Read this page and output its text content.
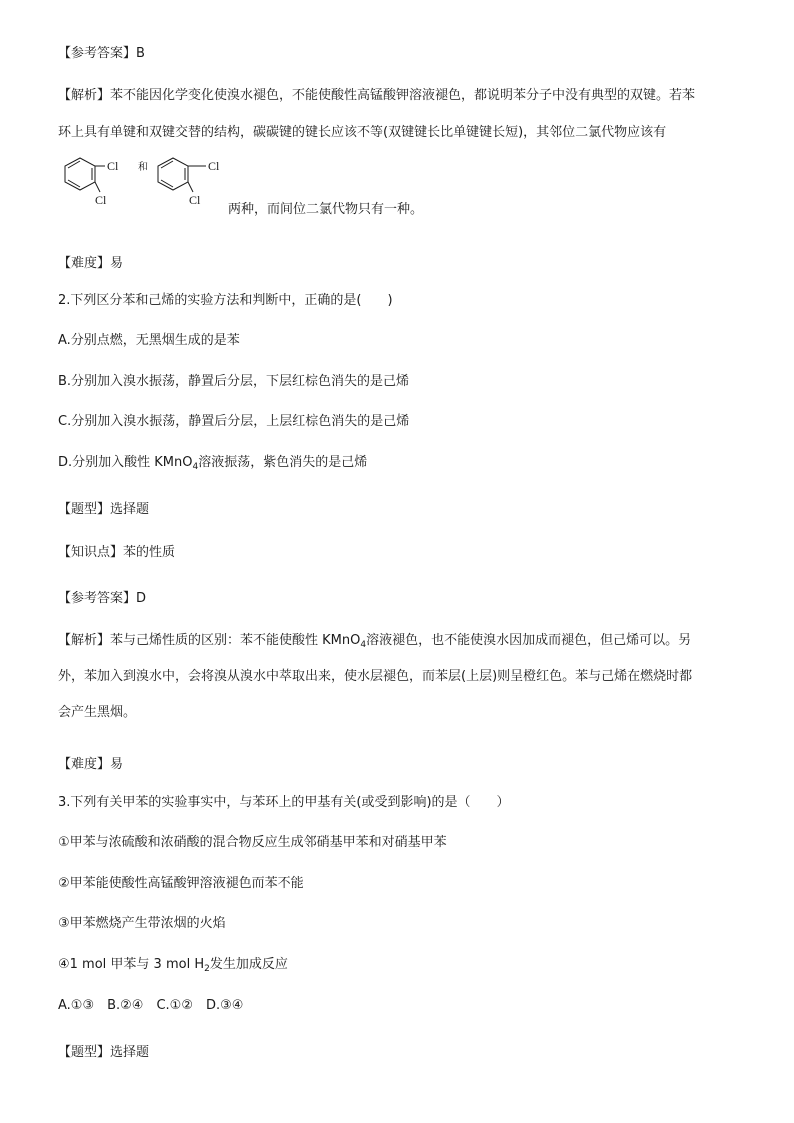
【参考答案】B
【解析】苯不能因化学变化使溴水褪色，不能使酸性高锰酸钾溶液褪色，都说明苯分子中没有典型的双键。若苯
环上具有单键和双键交替的结构，碳碳键的键长应该不等(双键键长比单键键长短)，其邻位二氯代物应该有
Cl
Cl
和	Cl
Cl
两种，而间位二氯代物只有一种。
【难度】易
2.下列区分苯和己烯的实验方法和判断中，正确的是(　　)
A.分别点燃，无黑烟生成的是苯
B.分别加入溴水振荡，静置后分层，下层红棕色消失的是己烯
C.分别加入溴水振荡，静置后分层，上层红棕色消失的是己烯
D.分别加入酸性 KMnO$_4$溶液振荡，紫色消失的是己烯
【题型】选择题
【知识点】苯的性质
【参考答案】D
【解析】苯与己烯性质的区别：苯不能使酸性 KMnO$_4$溶液褪色，也不能使溴水因加成而褪色，但己烯可以。另
外，苯加入到溴水中，会将溴从溴水中萃取出来，使水层褪色，而苯层(上层)则呈橙红色。苯与己烯在燃烧时都
会产生黑烟。
【难度】易
3.下列有关甲苯的实验事实中，与苯环上的甲基有关(或受到影响)的是（　　）
①甲苯与浓硫酸和浓硝酸的混合物反应生成邻硝基甲苯和对硝基甲苯
②甲苯能使酸性高锰酸钾溶液褪色而苯不能
③甲苯燃烧产生带浓烟的火焰
④1 mol 甲苯与 3 mol $H_2$发生加成反应
A.①③　B.②④　C.①②　D.③④
【题型】选择题
